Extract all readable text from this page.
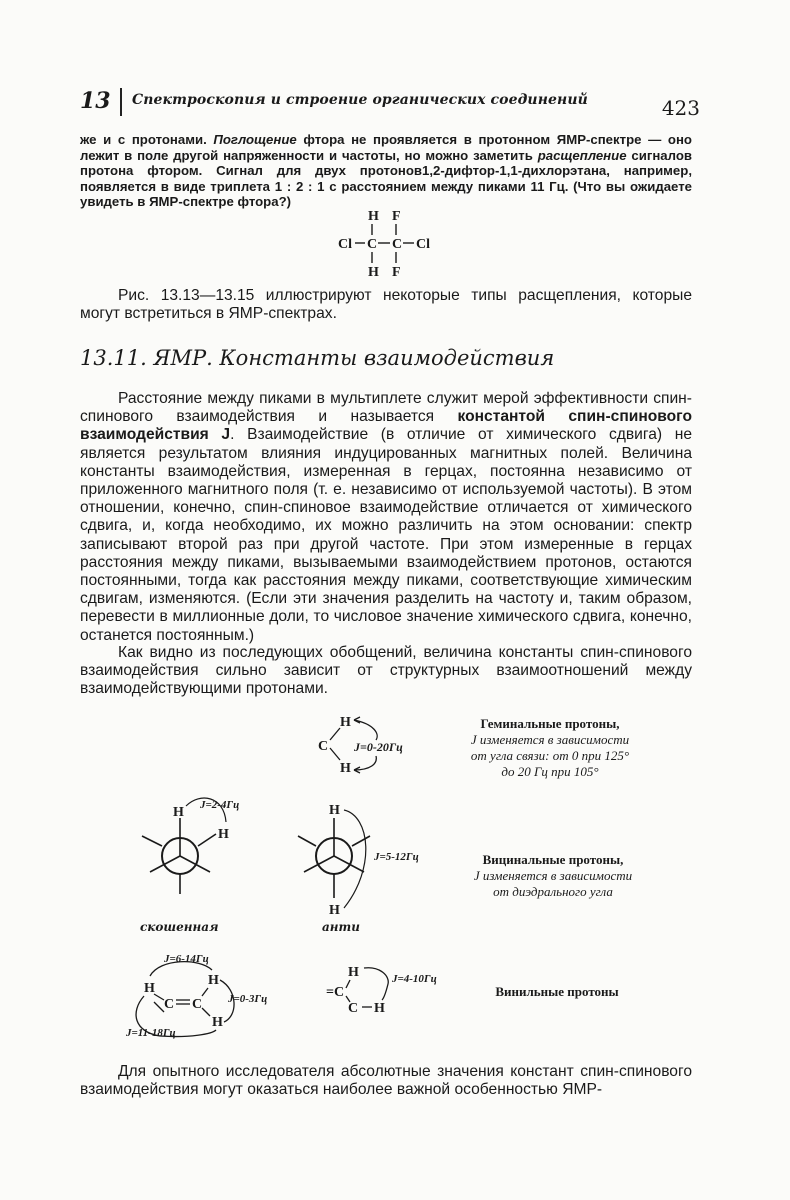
13 Спектроскопия и строение органических соединений	423
же и с протонами. Поглощение фтора не проявляется в протонном ЯМР-спектре — оно лежит в поле другой напряженности и частоты, но можно заметить расщепление сигналов протона фтором. Сигнал для двух протонов1,2-дифтор-1,1-дихлорэтана, например, появляется в виде триплета 1 : 2 : 1 с расстоянием между пиками 11 Гц. (Что вы ожидаете увидеть в ЯМР-спектре фтора?)
H F
Cl C C Cl
H F
Рис. 13.13—13.15 иллюстрируют некоторые типы расщепления, которые могут встретиться в ЯМР-спектрах.
13.11. ЯМР. Константы взаимодействия
Расстояние между пиками в мультиплете служит мерой эффективности спин-спинового взаимодействия и называется константой спин-спинового взаимодействия J. Взаимодействие (в отличие от химического сдвига) не является результатом влияния индуцированных магнитных полей. Величина константы взаимодействия, измеренная в герцах, постоянна независимо от приложенного магнитного поля (т. е. независимо от используемой частоты). В этом отношении, конечно, спин-спиновое взаимодействие отличается от химического сдвига, и, когда необходимо, их можно различить на этом основании: спектр записывают второй раз при другой частоте. При этом измеренные в герцах расстояния между пиками, вызываемыми взаимодействием протонов, остаются постоянными, тогда как расстояния между пиками, соответствующие химическим сдвигам, изменяются. (Если эти значения разделить на частоту и, таким образом, перевести в миллионные доли, то числовое значение химического сдвига, конечно, останется постоянным.)
Как видно из последующих обобщений, величина константы спин-спинового взаимодействия сильно зависит от структурных взаимоотношений между взаимодействующими протонами.
H
C
H
J=0-20Гц
Геминальные протоны,
J изменяется в зависимости
от угла связи: от 0 при 125°
до 20 Гц при 105°
H
H
J=2-4Гц
скошенная
H
H
J=5-12Гц
анти
Вицинальные протоны,
J изменяется в зависимости
от диэдрального угла
H
H
C C
H
J=6-14Гц
J=0-3Гц
J=11-18Гц
=C
H
C H
J=4-10Гц
Винильные протоны
Для опытного исследователя абсолютные значения констант спин-спинового взаимодействия могут оказаться наиболее важной особенностью ЯМР-
